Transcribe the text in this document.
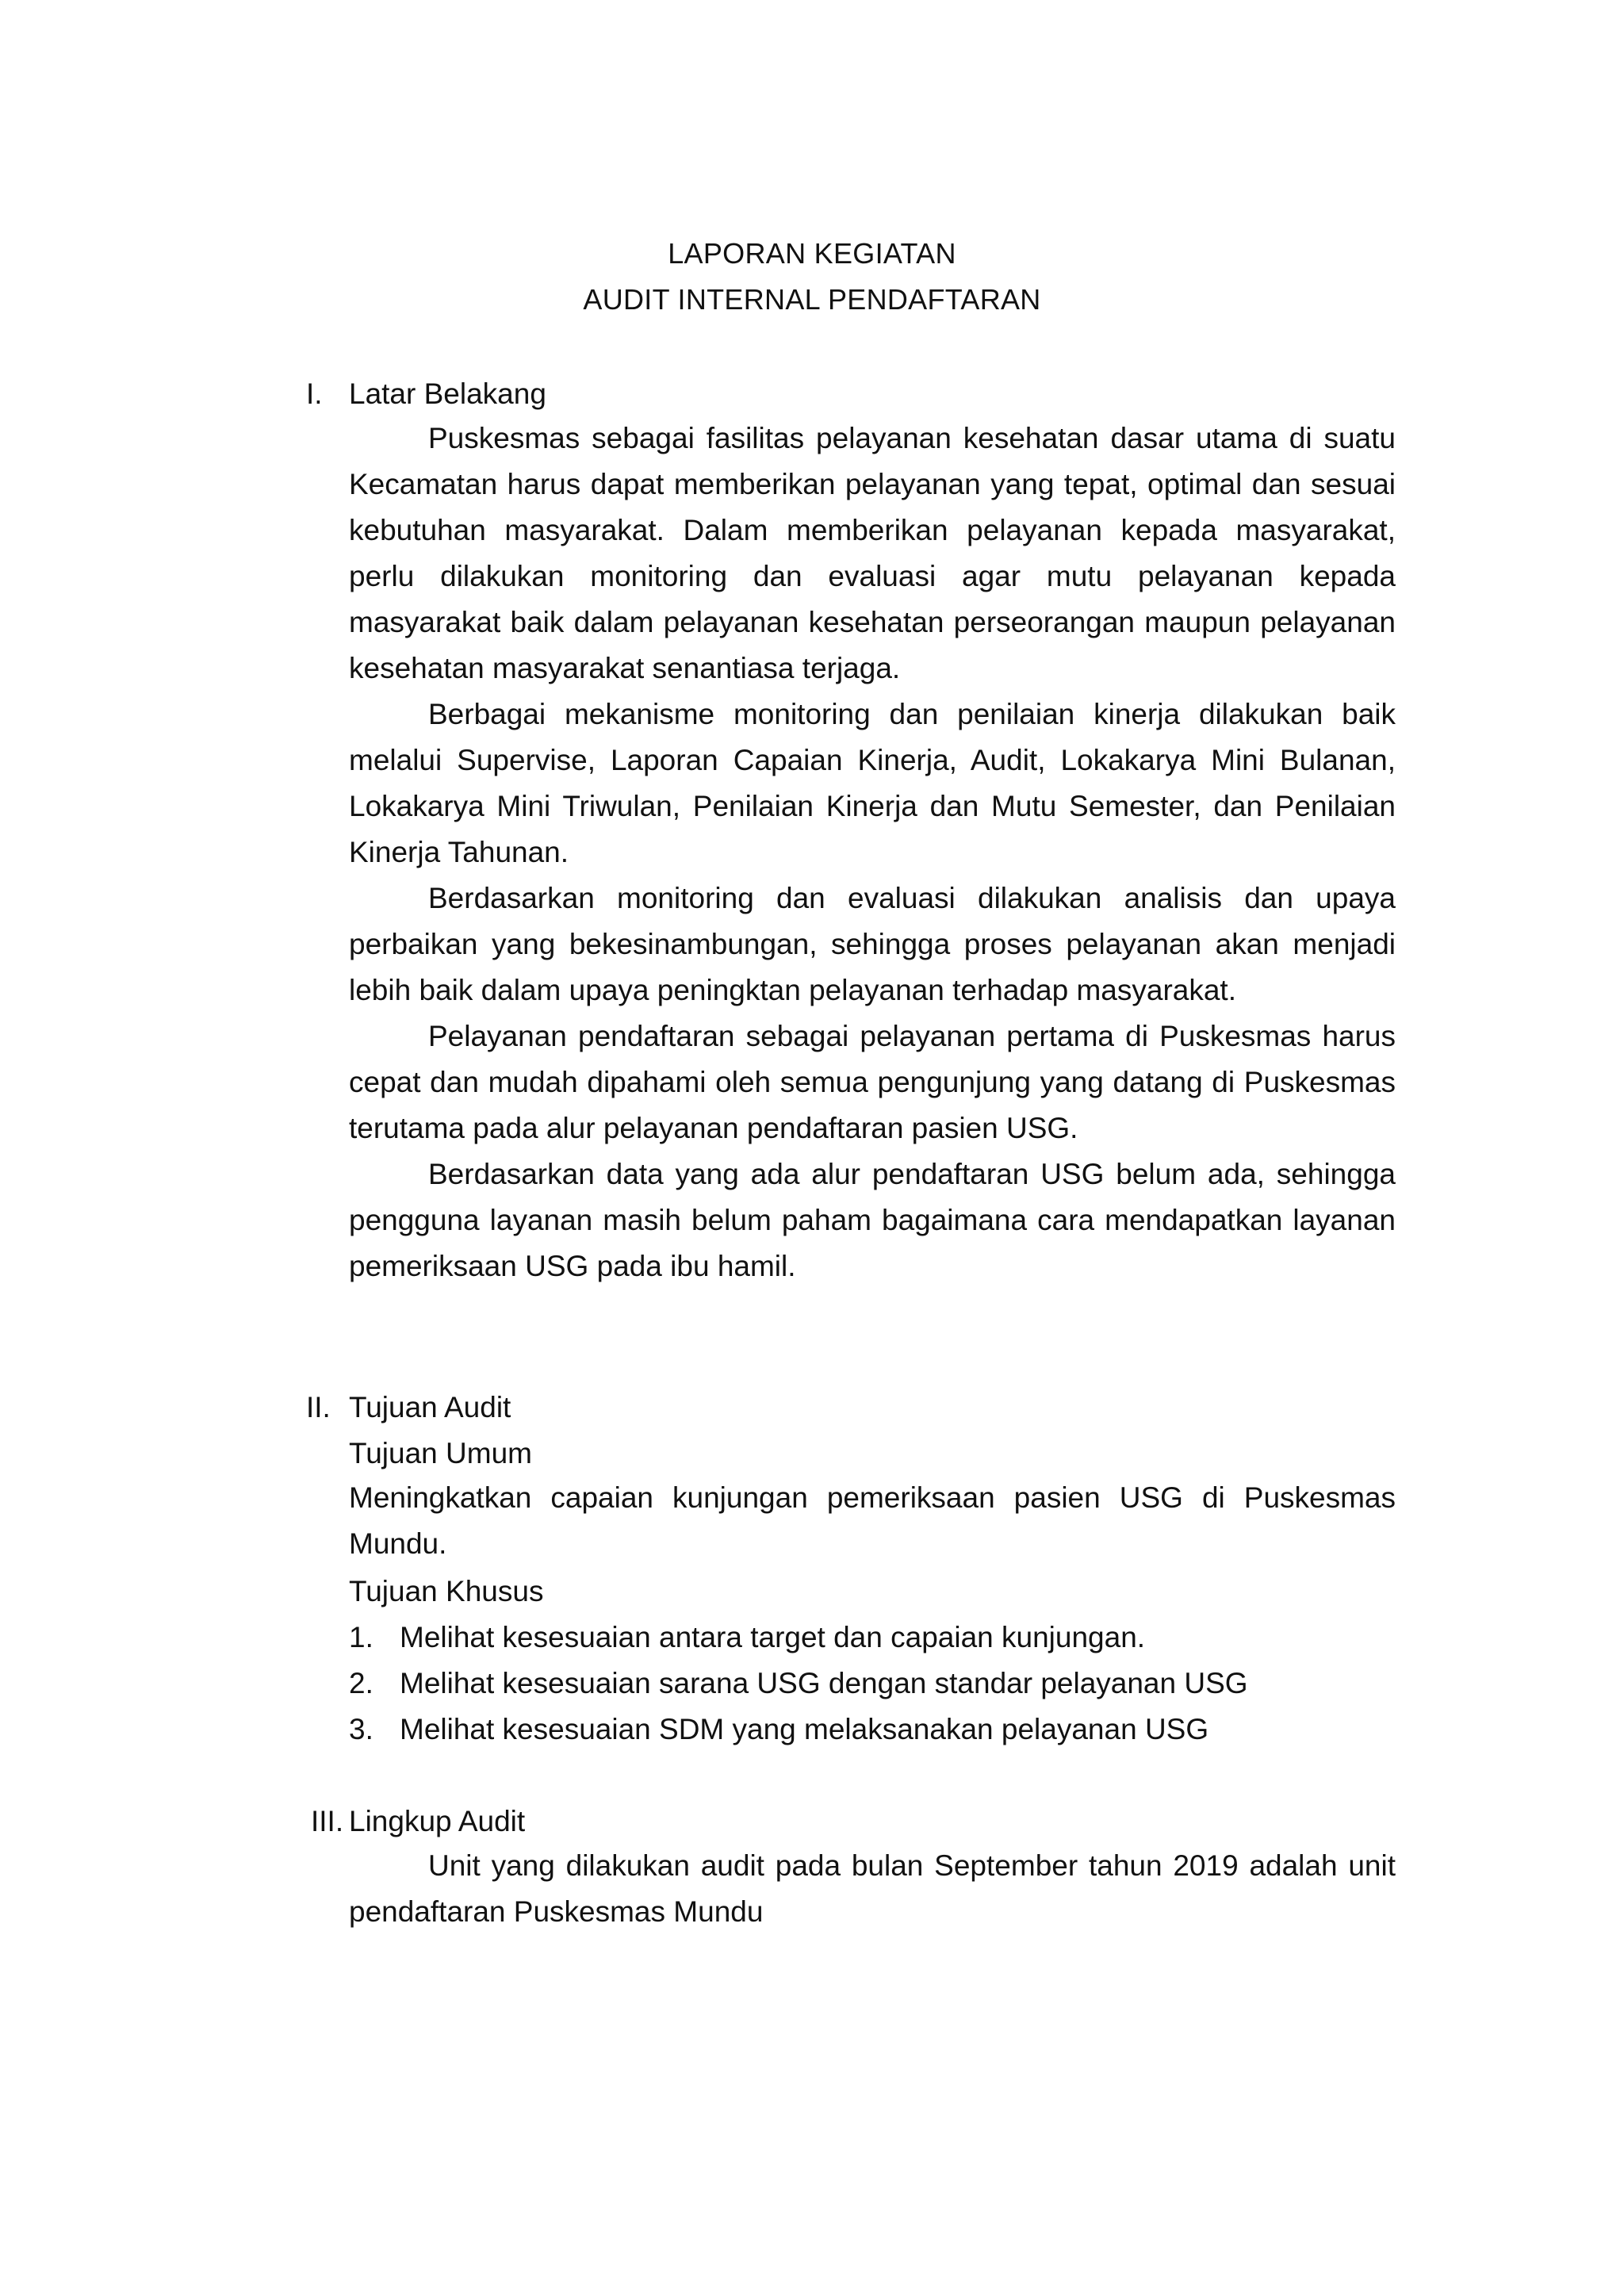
LAPORAN KEGIATAN
AUDIT INTERNAL PENDAFTARAN
I. Latar Belakang

Puskesmas sebagai fasilitas pelayanan kesehatan dasar utama di suatu Kecamatan harus dapat memberikan pelayanan yang tepat, optimal dan sesuai kebutuhan masyarakat. Dalam memberikan pelayanan kepada masyarakat, perlu dilakukan monitoring dan evaluasi agar mutu pelayanan kepada masyarakat baik dalam pelayanan kesehatan perseorangan maupun pelayanan kesehatan masyarakat senantiasa terjaga.

Berbagai mekanisme monitoring dan penilaian kinerja dilakukan baik melalui Supervise, Laporan Capaian Kinerja, Audit, Lokakarya Mini Bulanan, Lokakarya Mini Triwulan, Penilaian Kinerja dan Mutu Semester, dan Penilaian Kinerja Tahunan.

Berdasarkan monitoring dan evaluasi dilakukan analisis dan upaya perbaikan yang bekesinambungan, sehingga proses pelayanan akan menjadi lebih baik dalam upaya peningktan pelayanan terhadap masyarakat.

Pelayanan pendaftaran sebagai pelayanan pertama di Puskesmas harus cepat dan mudah dipahami oleh semua pengunjung yang datang di Puskesmas terutama pada alur pelayanan pendaftaran pasien USG.

Berdasarkan data yang ada alur pendaftaran USG belum ada, sehingga pengguna layanan masih belum paham bagaimana cara mendapatkan layanan pemeriksaan USG pada ibu hamil.

II. Tujuan Audit
Tujuan Umum

Meningkatkan capaian kunjungan pemeriksaan pasien USG di Puskesmas Mundu.

Tujuan Khusus
1. Melihat kesesuaian antara target dan capaian kunjungan.
2. Melihat kesesuaian sarana USG dengan standar pelayanan USG
3. Melihat kesesuaian SDM yang melaksanakan pelayanan USG
III. Lingkup Audit

Unit yang dilakukan audit pada bulan September tahun 2019 adalah unit pendaftaran Puskesmas Mundu
